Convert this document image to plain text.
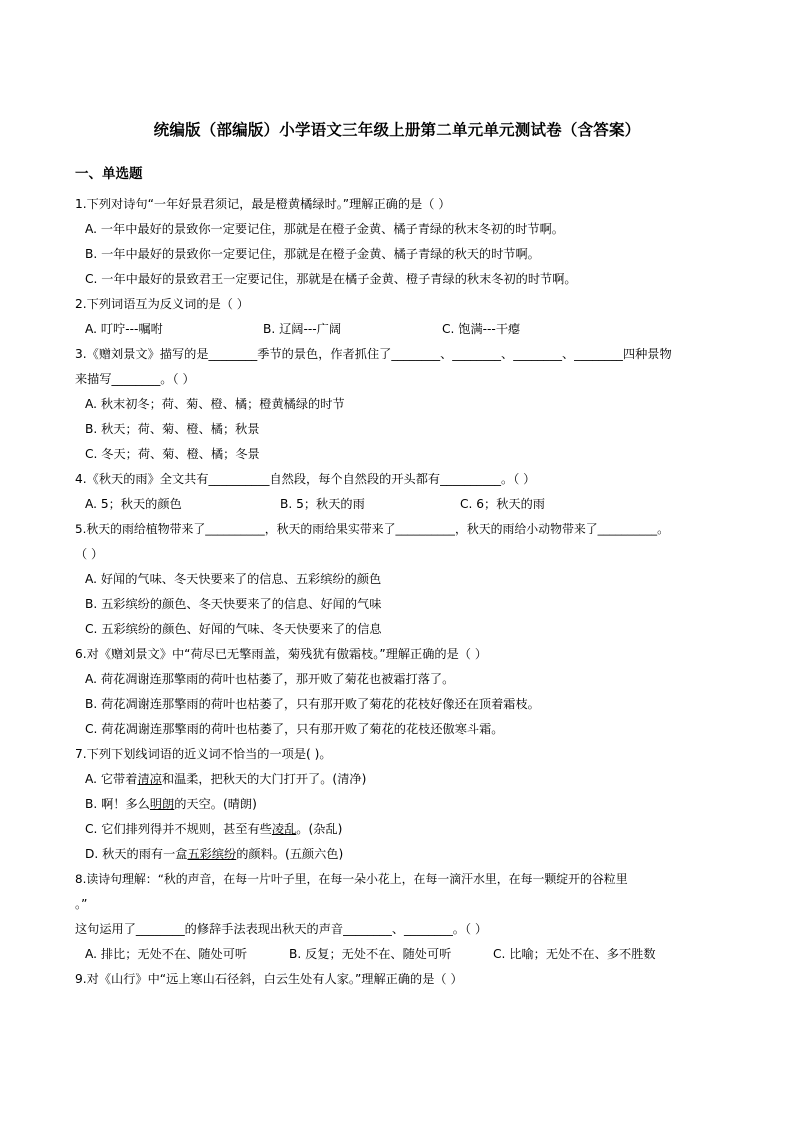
统编版（部编版）小学语文三年级上册第二单元单元测试卷（含答案）
一、单选题
1.下列对诗句“一年好景君须记，最是橙黄橘绿时。”理解正确的是（ ）
A. 一年中最好的景致你一定要记住，那就是在橙子金黄、橘子青绿的秋末冬初的时节啊。
B. 一年中最好的景致你一定要记住，那就是在橙子金黄、橘子青绿的秋天的时节啊。
C. 一年中最好的景致君王一定要记住，那就是在橘子金黄、橙子青绿的秋末冬初的时节啊。
2.下列词语互为反义词的是（ ）
A. 叮咛---嘱咐	B. 辽阔---广阔	C. 饱满---干瘪
3.《赠刘景文》描写的是________季节的景色，作者抓住了________、________、________、________四种景物
来描写________。（ ）
A. 秋末初冬；荷、菊、橙、橘；橙黄橘绿的时节
B. 秋天；荷、菊、橙、橘；秋景
C. 冬天；荷、菊、橙、橘；冬景
4.《秋天的雨》全文共有__________自然段，每个自然段的开头都有__________。（ ）
A. 5；秋天的颜色	B. 5；秋天的雨	C. 6；秋天的雨
5.秋天的雨给植物带来了__________，秋天的雨给果实带来了__________，秋天的雨给小动物带来了__________。
（ ）
A. 好闻的气味、冬天快要来了的信息、五彩缤纷的颜色
B. 五彩缤纷的颜色、冬天快要来了的信息、好闻的气味
C. 五彩缤纷的颜色、好闻的气味、冬天快要来了的信息
6.对《赠刘景文》中“荷尽已无擎雨盖，菊残犹有傲霜枝。”理解正确的是（ ）
A. 荷花凋谢连那擎雨的荷叶也枯萎了，那开败了菊花也被霜打落了。
B. 荷花凋谢连那擎雨的荷叶也枯萎了，只有那开败了菊花的花枝好像还在顶着霜枝。
C. 荷花凋谢连那擎雨的荷叶也枯萎了，只有那开败了菊花的花枝还傲寒斗霜。
7.下列下划线词语的近义词不恰当的一项是( )。
A. 它带着清凉和温柔，把秋天的大门打开了。(清净)
B. 啊！多么明朗的天空。(晴朗)
C. 它们排列得并不规则，甚至有些凌乱。(杂乱)
D. 秋天的雨有一盒五彩缤纷的颜料。(五颜六色)
8.读诗句理解：“秋的声音，在每一片叶子里，在每一朵小花上，在每一滴汗水里，在每一颗绽开的谷粒里
。”
这句运用了________的修辞手法表现出秋天的声音________、________。（ ）
A. 排比；无处不在、随处可听	B. 反复；无处不在、随处可听	C. 比喻；无处不在、多不胜数
9.对《山行》中“远上寒山石径斜，白云生处有人家。”理解正确的是（ ）
